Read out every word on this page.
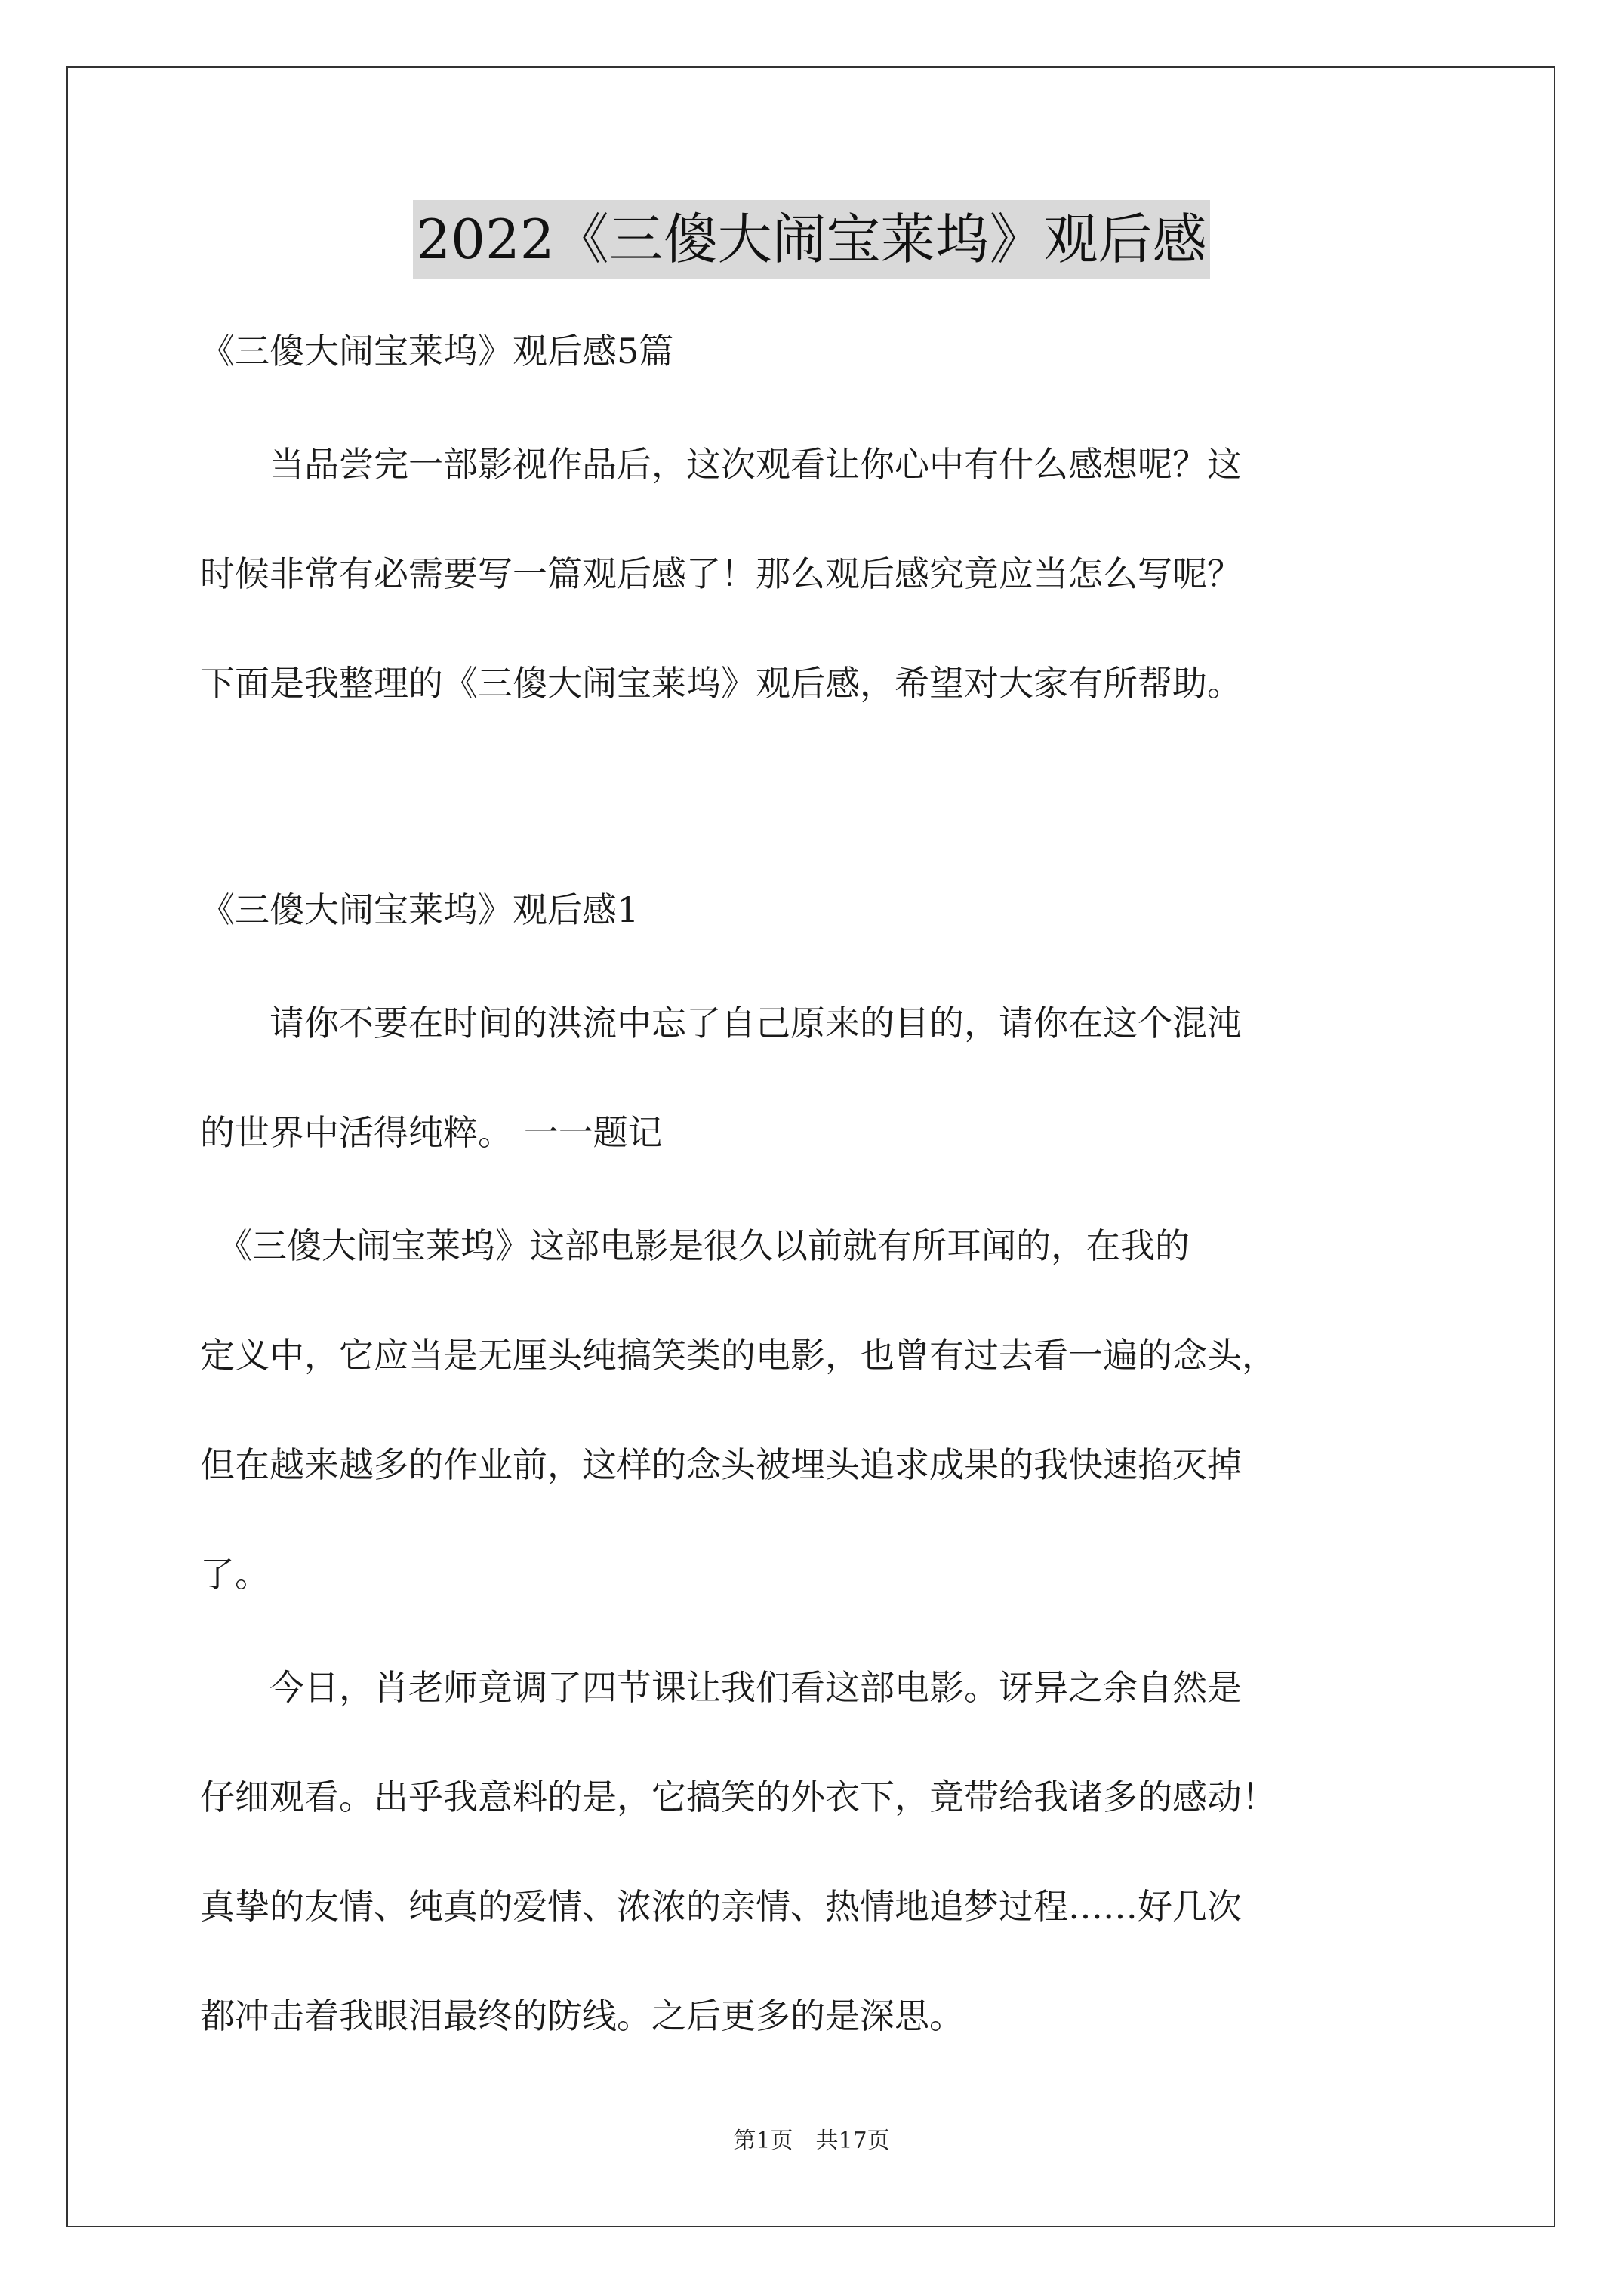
2022《三傻大闹宝莱坞》观后感
《三傻大闹宝莱坞》观后感5篇
　　当品尝完一部影视作品后，这次观看让你心中有什么感想呢？这
时候非常有必需要写一篇观后感了！那么观后感究竟应当怎么写呢？
下面是我整理的《三傻大闹宝莱坞》观后感，希望对大家有所帮助。
《三傻大闹宝莱坞》观后感1
　　请你不要在时间的洪流中忘了自己原来的目的，请你在这个混沌
的世界中活得纯粹。 一一题记
　《三傻大闹宝莱坞》这部电影是很久以前就有所耳闻的，在我的
定义中，它应当是无厘头纯搞笑类的电影，也曾有过去看一遍的念头，
但在越来越多的作业前，这样的念头被埋头追求成果的我快速掐灭掉
了。
　　今日，肖老师竟调了四节课让我们看这部电影。讶异之余自然是
仔细观看。出乎我意料的是，它搞笑的外衣下，竟带给我诸多的感动！
真挚的友情、纯真的爱情、浓浓的亲情、热情地追梦过程……好几次
都冲击着我眼泪最终的防线。之后更多的是深思。
第1页　共17页
